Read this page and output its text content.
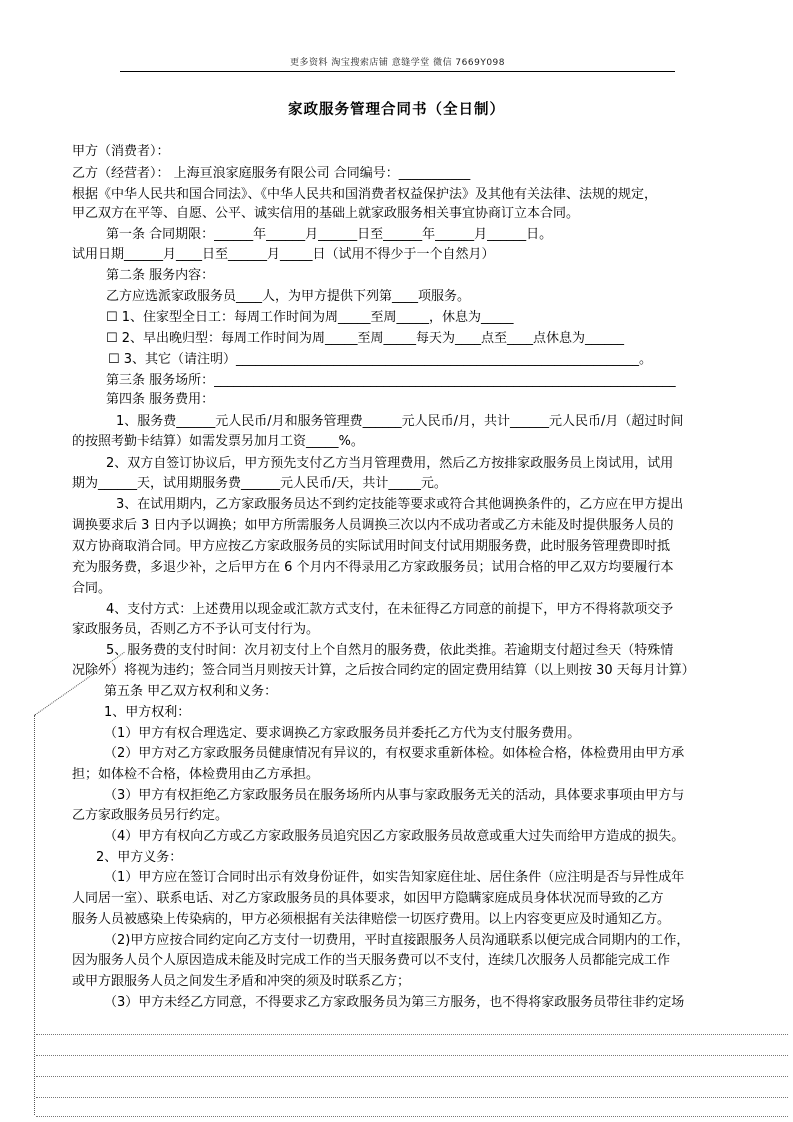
更多资料 淘宝搜索店铺 意缝学堂 微信 7669Y098
家政服务管理合同书（全日制）
甲方（消费者）：
乙方（经营者）： 上海亘浪家庭服务有限公司 合同编号：___________
根据《中华人民共和国合同法》、《中华人民共和国消费者权益保护法》及其他有关法律、法规的规定，
甲乙双方在平等、自愿、公平、诚实信用的基础上就家政服务相关事宜协商订立本合同。
第一条 合同期限：______年______月______日至______年______月______日。
试用日期______月____日至______月_____日（试用不得少于一个自然月）
第二条 服务内容：
乙方应选派家政服务员____人，为甲方提供下列第____项服务。
☐ 1、住家型全日工：每周工作时间为周_____至周_____，休息为_____
☐ 2、早出晚归型：每周工作时间为周_____至周_____每天为____点至____点休息为______
☐ 3、其它（请注明）______________________________________________________________。
第三条 服务场所：_______________________________________________________________________
第四条 服务费用：
1、服务费______元人民币/月和服务管理费______元人民币/月，共计______元人民币/月（超过时间
的按照考勤卡结算）如需发票另加月工资_____%。
2、双方自签订协议后，甲方预先支付乙方当月管理费用，然后乙方按排家政服务员上岗试用，试用
期为______天，试用期服务费______元人民币/天，共计_____元。
3、在试用期内，乙方家政服务员达不到约定技能等要求或符合其他调换条件的，乙方应在甲方提出
调换要求后 3 日内予以调换；如甲方所需服务人员调换三次以内不成功者或乙方未能及时提供服务人员的
双方协商取消合同。甲方应按乙方家政服务员的实际试用时间支付试用期服务费，此时服务管理费即时抵
充为服务费，多退少补，之后甲方在 6 个月内不得录用乙方家政服务员；试用合格的甲乙双方均要履行本
合同。
4、支付方式：上述费用以现金或汇款方式支付，在未征得乙方同意的前提下，甲方不得将款项交予
家政服务员，否则乙方不予认可支付行为。
5、服务费的支付时间：次月初支付上个自然月的服务费，依此类推。若逾期支付超过叁天（特殊情
况除外）将视为违约；签合同当月则按天计算，之后按合同约定的固定费用结算（以上则按 30 天每月计算）
第五条 甲乙双方权利和义务：
1、甲方权利：
（1）甲方有权合理选定、要求调换乙方家政服务员并委托乙方代为支付服务费用。
（2）甲方对乙方家政服务员健康情况有异议的，有权要求重新体检。如体检合格，体检费用由甲方承
担；如体检不合格，体检费用由乙方承担。
（3）甲方有权拒绝乙方家政服务员在服务场所内从事与家政服务无关的活动，具体要求事项由甲方与
乙方家政服务员另行约定。
（4）甲方有权向乙方或乙方家政服务员追究因乙方家政服务员故意或重大过失而给甲方造成的损失。
2、甲方义务：
（1）甲方应在签订合同时出示有效身份证件，如实告知家庭住址、居住条件（应注明是否与异性成年
人同居一室）、联系电话、对乙方家政服务员的具体要求，如因甲方隐瞒家庭成员身体状况而导致的乙方
服务人员被感染上传染病的，甲方必须根据有关法律赔偿一切医疗费用。以上内容变更应及时通知乙方。
（2)甲方应按合同约定向乙方支付一切费用，平时直接跟服务人员沟通联系以便完成合同期内的工作，
因为服务人员个人原因造成未能及时完成工作的当天服务费可以不支付，连续几次服务人员都能完成工作
或甲方跟服务人员之间发生矛盾和冲突的须及时联系乙方；
（3）甲方未经乙方同意，不得要求乙方家政服务员为第三方服务，也不得将家政服务员带往非约定场
